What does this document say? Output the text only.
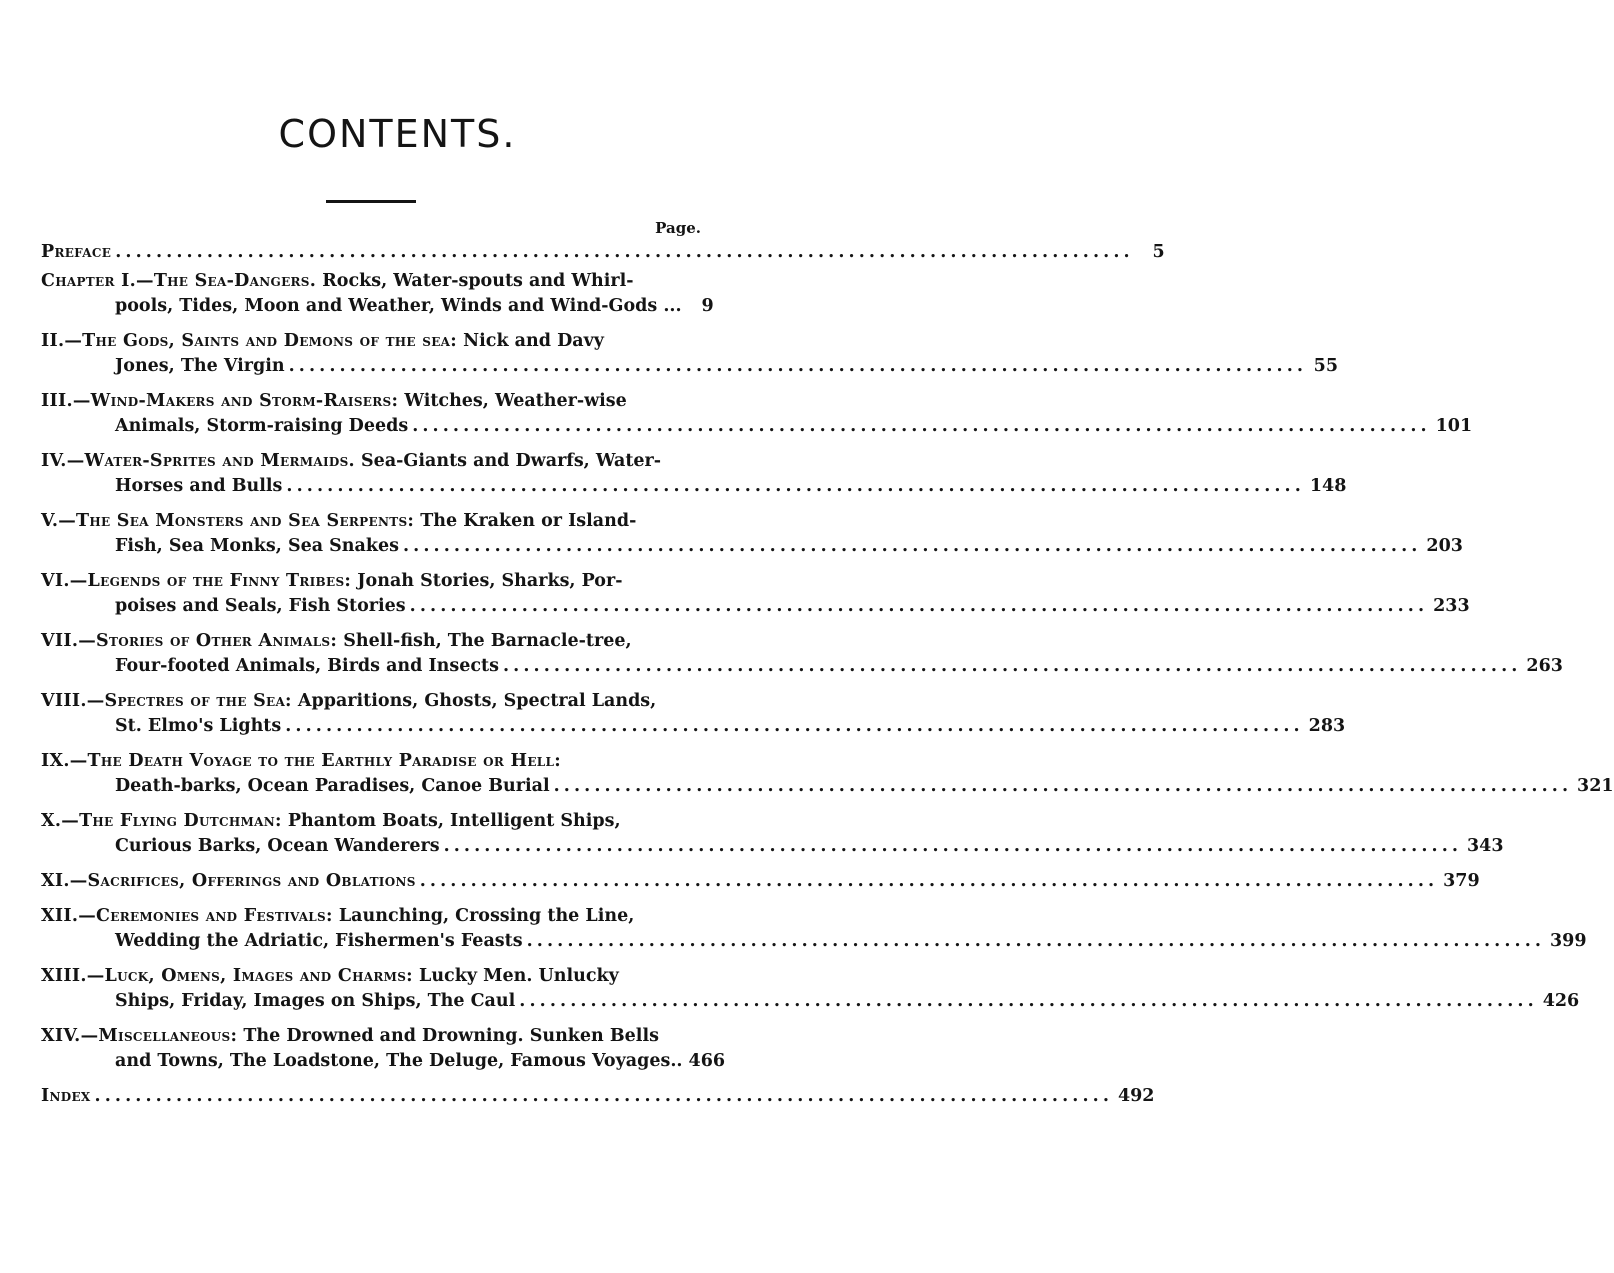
CONTENTS.
Page.
Preface . . .	5
Chapter I.—The Sea-Dangers. Rocks, Water-spouts and Whirl-
pools, Tides, Moon and Weather, Winds and Wind-Gods ...	9
II.—The Gods, Saints and Demons of the sea: Nick and Davy
Jones, The Virgin . . .	55
III.—Wind-Makers and Storm-Raisers: Witches, Weather-wise
Animals, Storm-raising Deeds . . .	101
IV.—Water-Sprites and Mermaids. Sea-Giants and Dwarfs, Water-
Horses and Bulls . . .	148
V.—The Sea Monsters and Sea Serpents: The Kraken or Island-
Fish, Sea Monks, Sea Snakes . . .	203
VI.—Legends of the Finny Tribes: Jonah Stories, Sharks, Por-
poises and Seals, Fish Stories . . .	233
VII.—Stories of Other Animals: Shell-fish, The Barnacle-tree,
Four-footed Animals, Birds and Insects . . .	263
VIII.—Spectres of the Sea: Apparitions, Ghosts, Spectral Lands,
St. Elmo's Lights . . .	283
IX.—The Death Voyage to the Earthly Paradise or Hell:
Death-barks, Ocean Paradises, Canoe Burial . . .	321
X.—The Flying Dutchman: Phantom Boats, Intelligent Ships,
Curious Barks, Ocean Wanderers . . .	343
XI.—Sacrifices, Offerings and Oblations . . .	379
XII.—Ceremonies and Festivals: Launching, Crossing the Line,
Wedding the Adriatic, Fishermen's Feasts . . .	399
XIII.—Luck, Omens, Images and Charms: Lucky Men. Unlucky
Ships, Friday, Images on Ships, The Caul . . .	426
XIV.—Miscellaneous: The Drowned and Drowning. Sunken Bells
and Towns, The Loadstone, The Deluge, Famous Voyages.. 466
Index . . .	492
